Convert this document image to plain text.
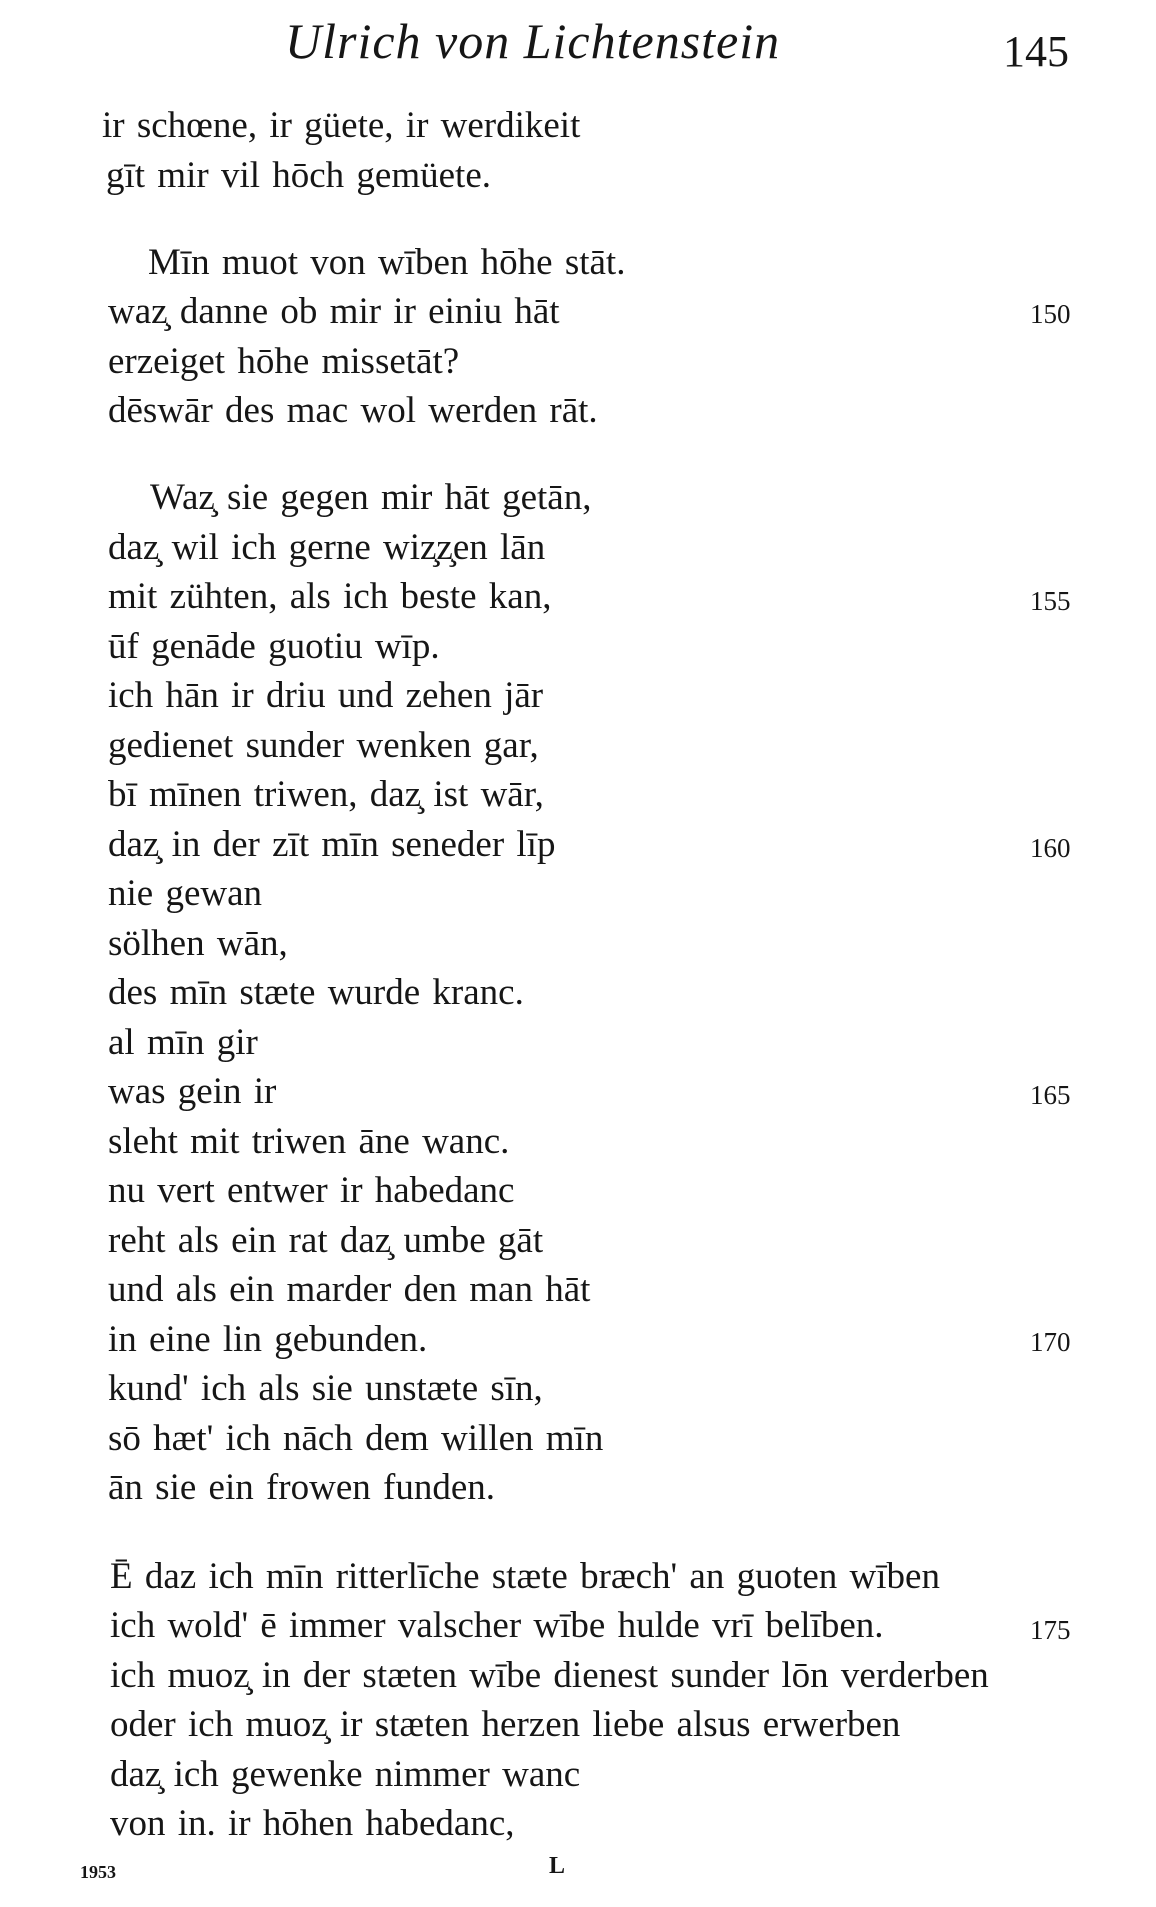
Ulrich von Lichtenstein	145
ir schœne, ir güete, ir werdikeit
gīt mir vil hōch gemüete.
Mīn muot von wīben hōhe stāt.
waz̧ danne ob mir ir einiu hāt	150
erzeiget hōhe missetāt?
dēswār des mac wol werden rāt.
Waz̧ sie gegen mir hāt getān,
daz̧ wil ich gerne wiz̧z̧en lān
mit zühten, als ich beste kan,	155
ūf genāde guotiu wīp.
ich hān ir driu und zehen jār
gedienet sunder wenken gar,
bī mīnen triwen, daz̧ ist wār,
daz̧ in der zīt mīn seneder līp	160
nie gewan
sölhen wān,
des mīn stæte wurde kranc.
al mīn gir
was gein ir	165
sleht mit triwen āne wanc.
nu vert entwer ir habedanc
reht als ein rat daz̧ umbe gāt
und als ein marder den man hāt
in eine lin gebunden.	170
kund' ich als sie unstæte sīn,
sō hæt' ich nāch dem willen mīn
ān sie ein frowen funden.
Ē daz ich mīn ritterlīche stæte bræch' an guoten wīben
ich wold' ē immer valscher wībe hulde vrī belīben.	175
ich muoz̧ in der stæten wībe dienest sunder lōn verderben
oder ich muoz̧ ir stæten herzen liebe alsus erwerben
daz̧ ich gewenke nimmer wanc
von in. ir hōhen habedanc,
1953	L
